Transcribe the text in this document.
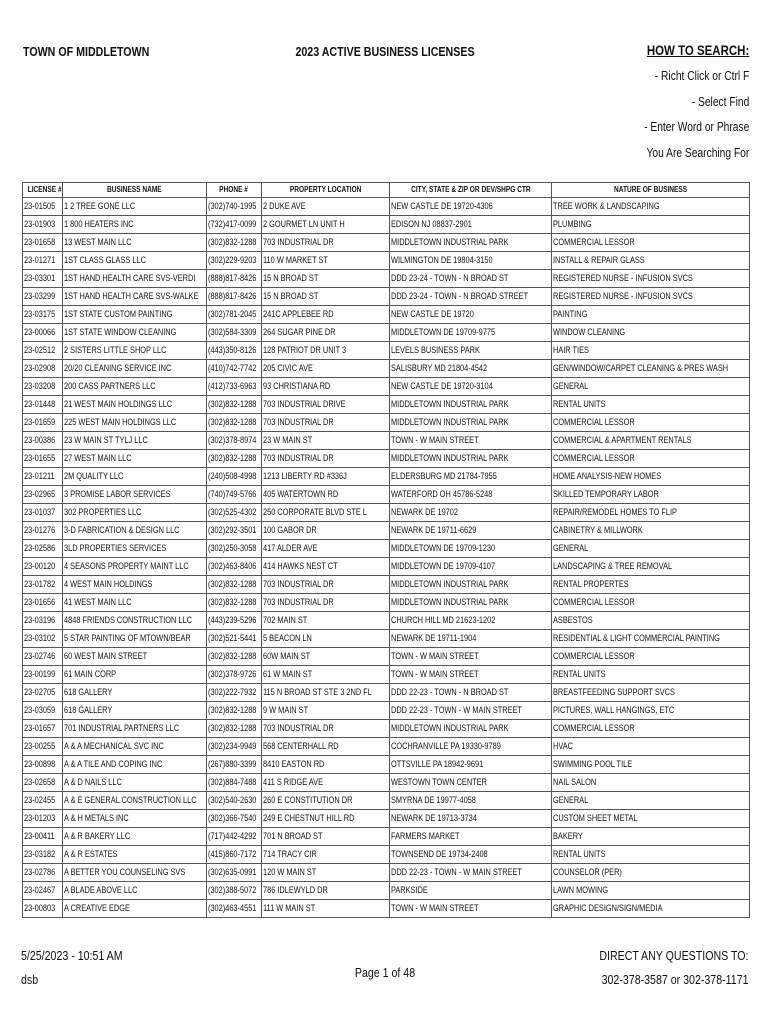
TOWN OF MIDDLETOWN	2023 ACTIVE BUSINESS LICENSES	HOW TO SEARCH:
- Richt Click or Ctrl F
- Select Find
- Enter Word or Phrase
You Are Searching For
LICENSE #	BUSINESS NAME	PHONE #	PROPERTY LOCATION	CITY, STATE & ZIP OR DEV/SHPG CTR	NATURE OF BUSINESS
23-01505	1 2 TREE GONE LLC	(302)740-1995	2 DUKE AVE	NEW CASTLE DE 19720-4306	TREE WORK & LANDSCAPING
23-01903	1 800 HEATERS INC	(732)417-0099	2 GOURMET LN UNIT H	EDISON NJ 08837-2901	PLUMBING
23-01658	13 WEST MAIN LLC	(302)832-1288	703 INDUSTRIAL DR	MIDDLETOWN INDUSTRIAL PARK	COMMERCIAL LESSOR
23-01271	1ST CLASS GLASS LLC	(302)229-9203	110 W MARKET ST	WILMINGTON DE 19804-3150	INSTALL & REPAIR GLASS
23-03301	1ST HAND HEALTH CARE SVS-VERDI	(888)817-8426	15 N BROAD ST	DDD 23-24 - TOWN - N BROAD ST	REGISTERED NURSE - INFUSION SVCS
23-03299	1ST HAND HEALTH CARE SVS-WALKE	(888)817-8426	15 N BROAD ST	DDD 23-24 - TOWN - N BROAD STREET	REGISTERED NURSE - INFUSION SVCS
23-03175	1ST STATE CUSTOM PAINTING	(302)781-2045	241C APPLEBEE RD	NEW CASTLE DE 19720	PAINTING
23-00066	1ST STATE WINDOW CLEANING	(302)584-3309	264 SUGAR PINE DR	MIDDLETOWN DE 19709-9775	WINDOW CLEANING
23-02512	2 SISTERS LITTLE SHOP LLC	(443)350-8126	128 PATRIOT DR UNIT 3	LEVELS BUSINESS PARK	HAIR TIES
23-02908	20/20 CLEANING SERVICE INC	(410)742-7742	205 CIVIC AVE	SALISBURY MD 21804-4542	GEN/WINDOW/CARPET CLEANING & PRES WASH
23-03208	200 CASS PARTNERS LLC	(412)733-6963	93 CHRISTIANA RD	NEW CASTLE DE 19720-3104	GENERAL
23-01448	21 WEST MAIN HOLDINGS LLC	(302)832-1288	703 INDUSTRIAL DRIVE	MIDDLETOWN INDUSTRIAL PARK	RENTAL UNITS
23-01659	225 WEST MAIN HOLDINGS LLC	(302)832-1288	703 INDUSTRIAL DR	MIDDLETOWN INDUSTRIAL PARK	COMMERCIAL LESSOR
23-00386	23 W MAIN ST TYLJ LLC	(302)378-8974	23 W MAIN ST	TOWN - W MAIN STREET	COMMERCIAL & APARTMENT RENTALS
23-01655	27 WEST MAIN LLC	(302)832-1288	703 INDUSTRIAL DR	MIDDLETOWN INDUSTRIAL PARK	COMMERCIAL LESSOR
23-01211	2M QUALITY LLC	(240)508-4998	1213 LIBERTY RD #336J	ELDERSBURG MD 21784-7955	HOME ANALYSIS-NEW HOMES
23-02965	3 PROMISE LABOR SERVICES	(740)749-5766	405 WATERTOWN RD	WATERFORD OH 45786-5248	SKILLED TEMPORARY LABOR
23-01037	302 PROPERTIES LLC	(302)525-4302	250 CORPORATE BLVD STE L	NEWARK DE 19702	REPAIR/REMODEL HOMES TO FLIP
23-01276	3-D FABRICATION & DESIGN LLC	(302)292-3501	100 GABOR DR	NEWARK DE 19711-6629	CABINETRY & MILLWORK
23-02586	3LD PROPERTIES SERVICES	(302)250-3058	417 ALDER AVE	MIDDLETOWN DE 19709-1230	GENERAL
23-00120	4 SEASONS PROPERTY MAINT LLC	(302)463-8406	414 HAWKS NEST CT	MIDDLETOWN DE 19709-4107	LANDSCAPING & TREE REMOVAL
23-01782	4 WEST MAIN HOLDINGS	(302)832-1288	703 INDUSTRIAL DR	MIDDLETOWN INDUSTRIAL PARK	RENTAL PROPERTES
23-01656	41 WEST MAIN LLC	(302)832-1288	703 INDUSTRIAL DR	MIDDLETOWN INDUSTRIAL PARK	COMMERCIAL LESSOR
23-03196	4848 FRIENDS CONSTRUCTION LLC	(443)239-5296	702 MAIN ST	CHURCH HILL MD 21623-1202	ASBESTOS
23-03102	5 STAR PAINTING OF MTOWN/BEAR	(302)521-5441	5 BEACON LN	NEWARK DE 19711-1904	RESIDENTIAL & LIGHT COMMERCIAL PAINTING
23-02746	60 WEST MAIN STREET	(302)832-1288	60W MAIN ST	TOWN - W MAIN STREET	COMMERCIAL LESSOR
23-00199	61 MAIN CORP	(302)378-9726	61 W MAIN ST	TOWN - W MAIN STREET	RENTAL UNITS
23-02705	618 GALLERY	(302)222-7932	115 N BROAD ST STE 3 2ND FL	DDD 22-23 - TOWN - N BROAD ST	BREASTFEEDING SUPPORT SVCS
23-03059	618 GALLERY	(302)832-1288	9 W MAIN ST	DDD 22-23 - TOWN - W MAIN STREET	PICTURES, WALL HANGINGS, ETC
23-01657	701 INDUSTRIAL PARTNERS LLC	(302)832-1288	703 INDUSTRIAL DR	MIDDLETOWN INDUSTRIAL PARK	COMMERCIAL LESSOR
23-00255	A & A MECHANICAL SVC INC	(302)234-9949	568 CENTERHALL RD	COCHRANVILLE PA 19330-9789	HVAC
23-00898	A & A TILE AND COPING INC	(267)880-3399	8410 EASTON RD	OTTSVILLE PA 18942-9691	SWIMMING POOL TILE
23-02658	A & D NAILS LLC	(302)884-7488	411 S RIDGE AVE	WESTOWN TOWN CENTER	NAIL SALON
23-02455	A & E GENERAL CONSTRUCTION LLC	(302)540-2630	260 E CONSTITUTION DR	SMYRNA DE 19977-4058	GENERAL
23-01203	A & H METALS INC	(302)366-7540	249 E CHESTNUT HILL RD	NEWARK DE 19713-3734	CUSTOM SHEET METAL
23-00411	A & R BAKERY LLC	(717)442-4292	701 N BROAD ST	FARMERS MARKET	BAKERY
23-03182	A & R ESTATES	(415)860-7172	714 TRACY CIR	TOWNSEND DE 19734-2408	RENTAL UNITS
23-02786	A BETTER YOU COUNSELING SVS	(302)635-0991	120 W MAIN ST	DDD 22-23 - TOWN - W MAIN STREET	COUNSELOR (PER)
23-02467	A BLADE ABOVE LLC	(302)388-5072	786 IDLEWYLD DR	PARKSIDE	LAWN MOWING
23-00803	A CREATIVE EDGE	(302)463-4551	111 W MAIN ST	TOWN - W MAIN STREET	GRAPHIC DESIGN/SIGN/MEDIA
5/25/2023 - 10:51 AM
dsb	Page 1 of 48
DIRECT ANY QUESTIONS TO:
302-378-3587 or 302-378-1171
